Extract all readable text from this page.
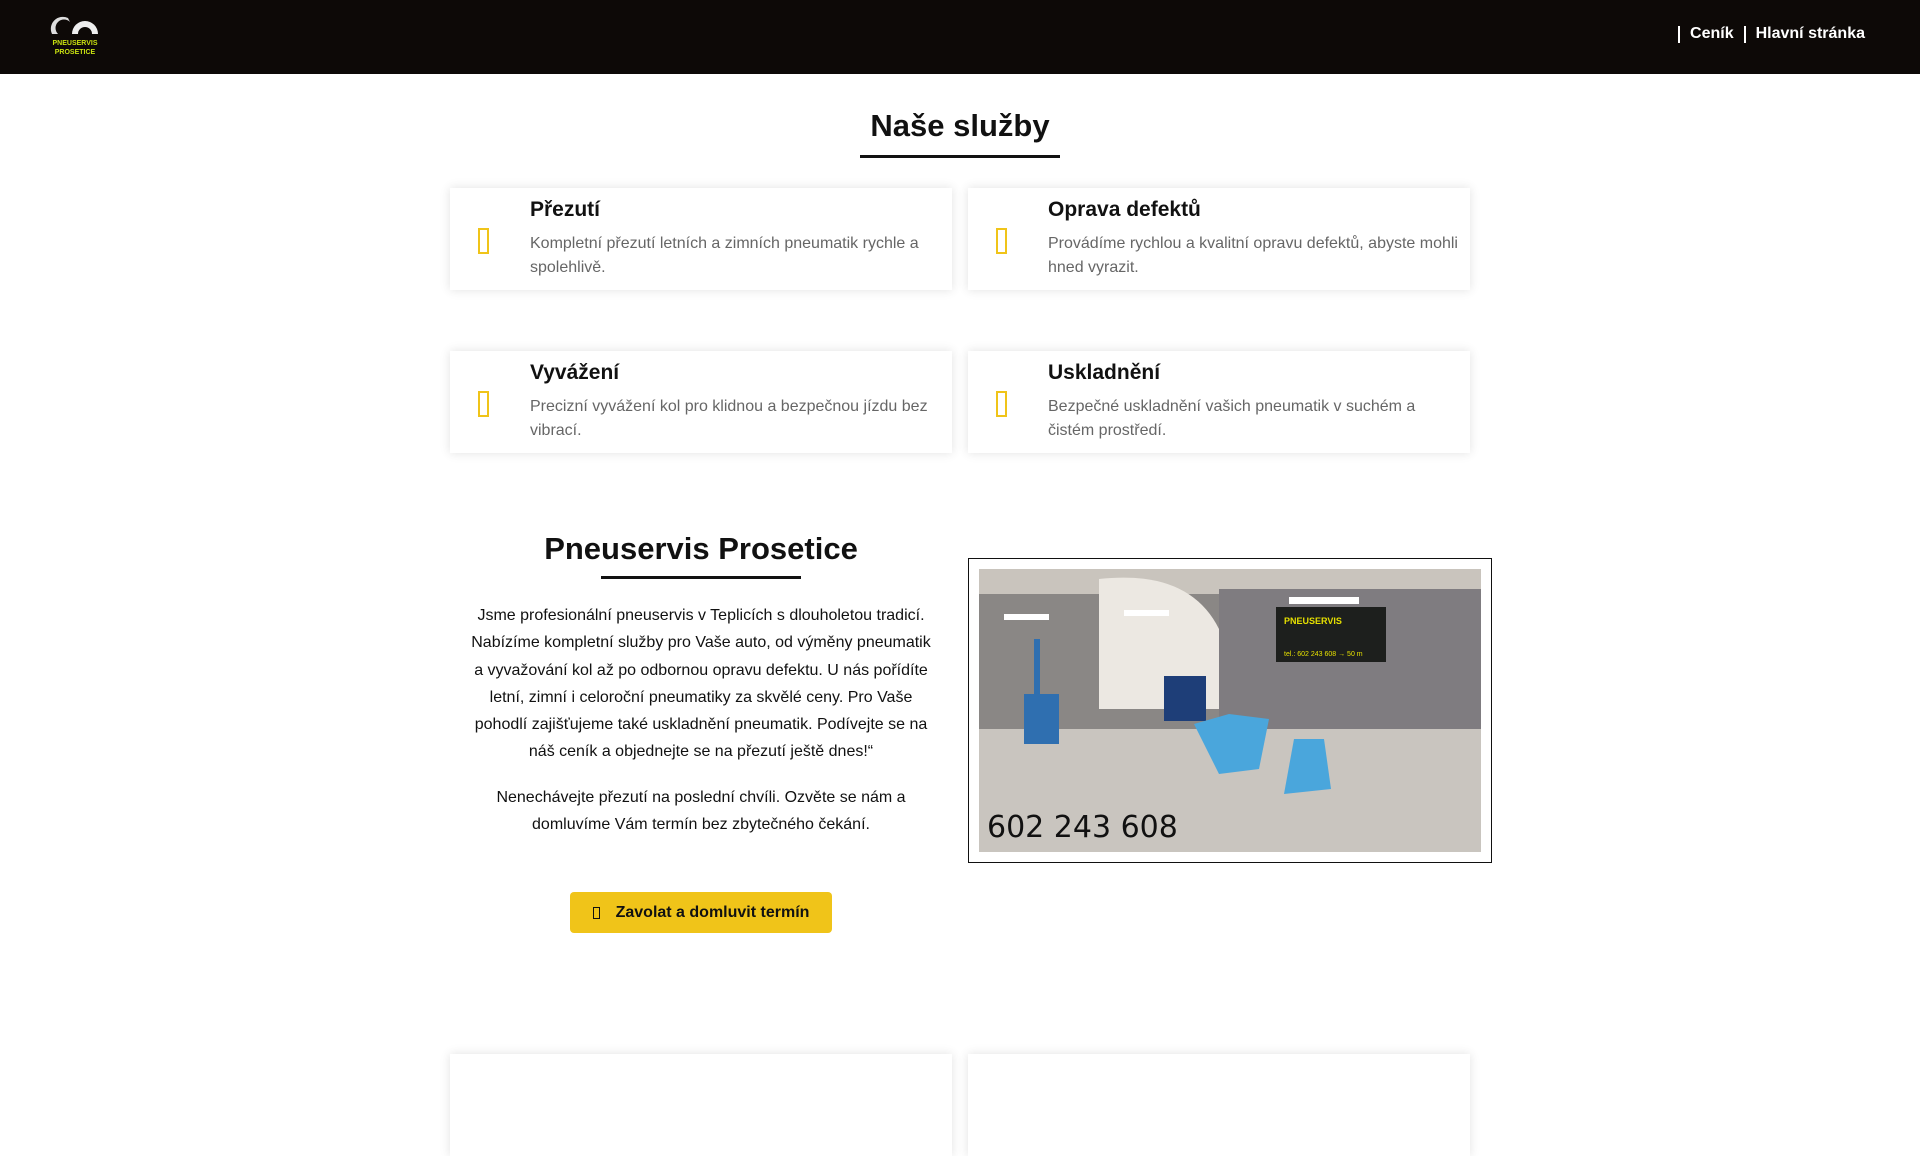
PNEUSERVIS
PROSETICE
Ceník Hlavní stránka
Naše služby
Přezutí
Kompletní přezutí letních a zimních pneumatik rychle a spolehlivě.
Oprava defektů
Provádíme rychlou a kvalitní opravu defektů, abyste mohli hned vyrazit.
Vyvážení
Precizní vyvážení kol pro klidnou a bezpečnou jízdu bez vibrací.
Uskladnění
Bezpečné uskladnění vašich pneumatik v suchém a čistém prostředí.
Pneuservis Prosetice

Jsme profesionální pneuservis v Teplicích s dlouholetou tradicí. Nabízíme kompletní služby pro Vaše auto, od výměny pneumatik a vyvažování kol až po odbornou opravu defektu. U nás pořídíte letní, zimní i celoroční pneumatiky za skvělé ceny. Pro Vaše pohodlí zajišťujeme také uskladnění pneumatik. Podívejte se na náš ceník a objednejte se na přezutí ještě dnes!“

Nenechávejte přezutí na poslední chvíli. Ozvěte se nám a domluvíme Vám termín bez zbytečného čekání.

Zavolat a domluvit termín
PNEUSERVIS
tel.: 602 243 608 → 50 m
602 243 608
